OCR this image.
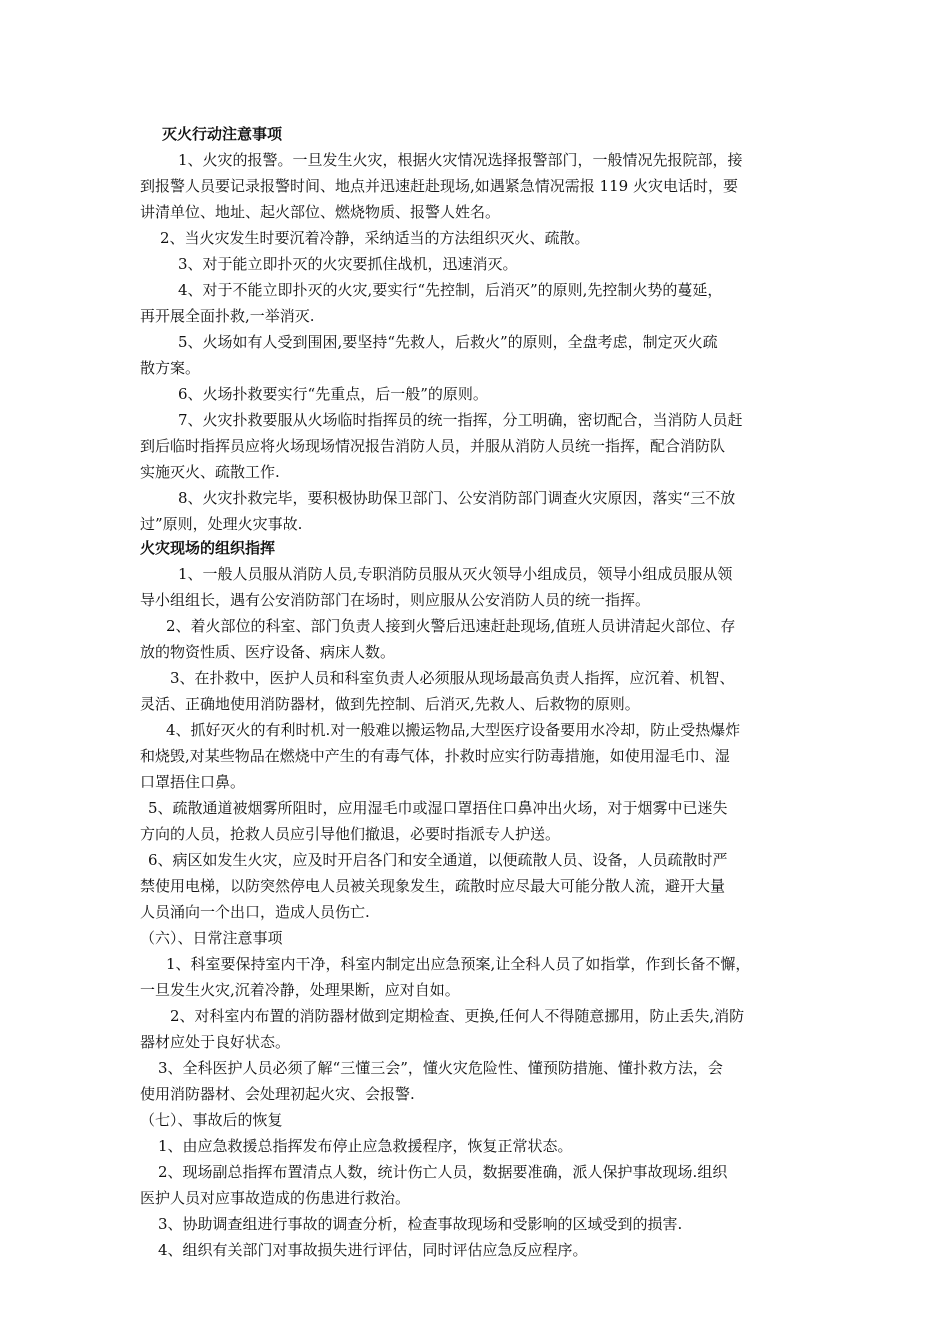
灭火行动注意事项
1、火灾的报警。一旦发生火灾，根据火灾情况选择报警部门，一般情况先报院部，接
到报警人员要记录报警时间、地点并迅速赶赴现场,如遇紧急情况需报 119 火灾电话时，要
讲清单位、地址、起火部位、燃烧物质、报警人姓名。
2、当火灾发生时要沉着冷静，采纳适当的方法组织灭火、疏散。
3、对于能立即扑灭的火灾要抓住战机，迅速消灭。
4、对于不能立即扑灭的火灾,要实行“先控制，后消灭”的原则,先控制火势的蔓延，
再开展全面扑救,一举消灭.
5、火场如有人受到围困,要坚持“先救人，后救火”的原则，全盘考虑，制定灭火疏
散方案。
6、火场扑救要实行“先重点，后一般”的原则。
7、火灾扑救要服从火场临时指挥员的统一指挥，分工明确，密切配合，当消防人员赶
到后临时指挥员应将火场现场情况报告消防人员，并服从消防人员统一指挥，配合消防队
实施灭火、疏散工作.
8、火灾扑救完毕，要积极协助保卫部门、公安消防部门调查火灾原因，落实“三不放
过”原则，处理火灾事故.
火灾现场的组织指挥
1、一般人员服从消防人员,专职消防员服从灭火领导小组成员，领导小组成员服从领
导小组组长，遇有公安消防部门在场时，则应服从公安消防人员的统一指挥。
2、着火部位的科室、部门负责人接到火警后迅速赶赴现场,值班人员讲清起火部位、存
放的物资性质、医疗设备、病床人数。
3、在扑救中，医护人员和科室负责人必须服从现场最高负责人指挥，应沉着、机智、
灵活、正确地使用消防器材，做到先控制、后消灭,先救人、后救物的原则。
4、抓好灭火的有利时机.对一般难以搬运物品,大型医疗设备要用水冷却，防止受热爆炸
和烧毁,对某些物品在燃烧中产生的有毒气体，扑救时应实行防毒措施，如使用湿毛巾、湿
口罩捂住口鼻。
5、疏散通道被烟雾所阻时，应用湿毛巾或湿口罩捂住口鼻冲出火场，对于烟雾中已迷失
方向的人员，抢救人员应引导他们撤退，必要时指派专人护送。
6、病区如发生火灾，应及时开启各门和安全通道，以便疏散人员、设备，人员疏散时严
禁使用电梯，以防突然停电人员被关现象发生，疏散时应尽最大可能分散人流，避开大量
人员涌向一个出口，造成人员伤亡.
（六）、日常注意事项
1、科室要保持室内干净，科室内制定出应急预案,让全科人员了如指掌，作到长备不懈，
一旦发生火灾,沉着冷静，处理果断，应对自如。
2、对科室内布置的消防器材做到定期检查、更换,任何人不得随意挪用，防止丢失,消防
器材应处于良好状态。
3、全科医护人员必须了解“三懂三会”，懂火灾危险性、懂预防措施、懂扑救方法，会
使用消防器材、会处理初起火灾、会报警.
（七）、事故后的恢复
1、由应急救援总指挥发布停止应急救援程序，恢复正常状态。
2、现场副总指挥布置清点人数，统计伤亡人员，数据要准确，派人保护事故现场.组织
医护人员对应事故造成的伤患进行救治。
3、协助调查组进行事故的调查分析，检查事故现场和受影响的区域受到的损害.
4、组织有关部门对事故损失进行评估，同时评估应急反应程序。
